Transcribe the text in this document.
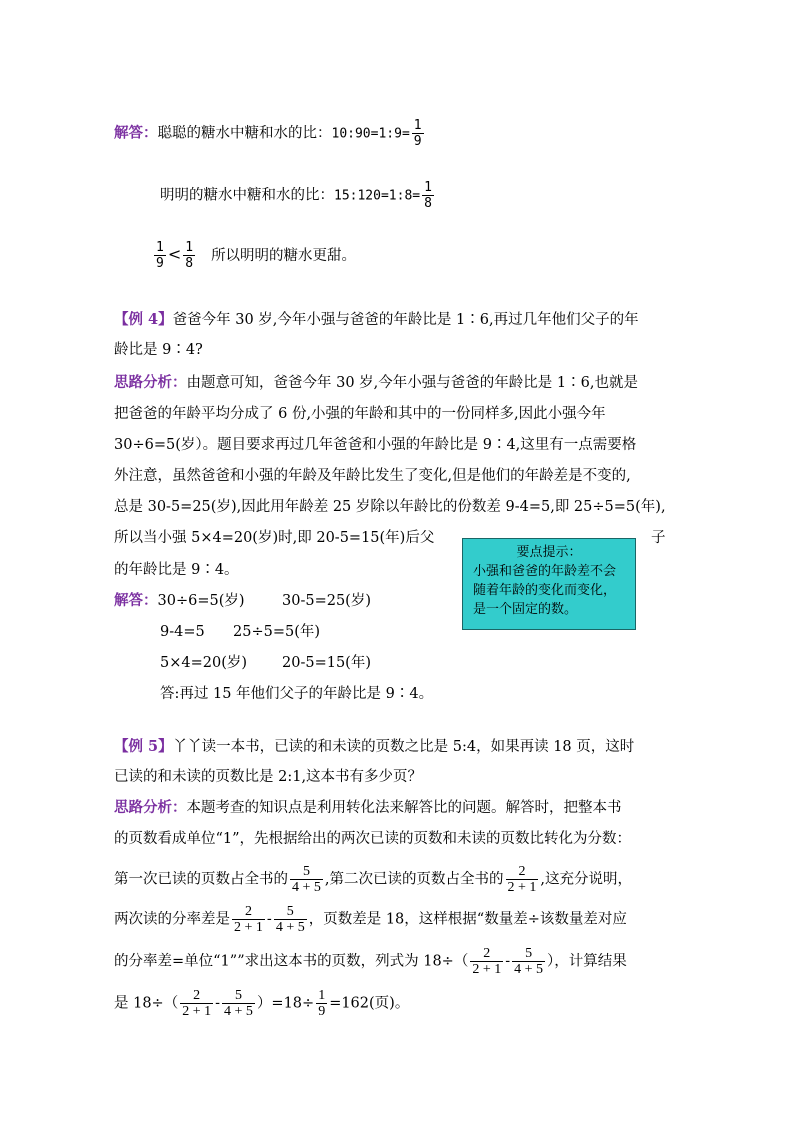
解答：聪聪的糖水中糖和水的比：10:90=1:9= $\frac{1}{9}$
明明的糖水中糖和水的比：15:120=1:8= $\frac{1}{8}$
$\frac{1}{9} < \frac{1}{8}$ 所以明明的糖水更甜。
【例 4】爸爸今年 30 岁,今年小强与爸爸的年龄比是 1∶6,再过几年他们父子的年
龄比是 9∶4?
思路分析：由题意可知，爸爸今年 30 岁,今年小强与爸爸的年龄比是 1∶6,也就是
把爸爸的年龄平均分成了 6 份,小强的年龄和其中的一份同样多,因此小强今年
30÷6=5(岁）。题目要求再过几年爸爸和小强的年龄比是 9∶4,这里有一点需要格
外注意，虽然爸爸和小强的年龄及年龄比发生了变化,但是他们的年龄差是不变的,
总是 30-5=25(岁),因此用年龄差 25 岁除以年龄比的份数差 9-4=5,即 25÷5=5(年),
所以当小强 5×4=20(岁)时,即 20-5=15(年)后父	子
的年龄比是 9∶4。
要点提示：
小强和爸爸的年龄差不会
随着年龄的变化而变化，
是一个固定的数。
解答：30÷6=5(岁)	30-5=25(岁)
9-4=5 25÷5=5(年)
5×4=20(岁) 20-5=15(年)
答:再过 15 年他们父子的年龄比是 9∶4。
【例 5】丫丫读一本书，已读的和未读的页数之比是 5:4，如果再读 18 页，这时
已读的和未读的页数比是 2:1,这本书有多少页？
思路分析：本题考查的知识点是利用转化法来解答比的问题。解答时，把整本书
的页数看成单位“1”，先根据给出的两次已读的页数和未读的页数比转化为分数：
第一次已读的页数占全书的 $\frac{5}{4 + 5}$ ,第二次已读的页数占全书的 $\frac{2}{2 + 1}$ ,这充分说明，
两次读的分率差是 $\frac{2}{2 + 1} - \frac{5}{4 + 5}$ ，页数差是 18，这样根据“数量差÷该数量差对应
的分率差=单位“1””求出这本书的页数，列式为 $18\div( \frac{2}{2 + 1} - \frac{5}{4 + 5}$ ），计算结果
是 $18\div( \frac{2}{2 + 1} - \frac{5}{4 + 5} )=18\div \frac{1}{9} =162$(页)。
